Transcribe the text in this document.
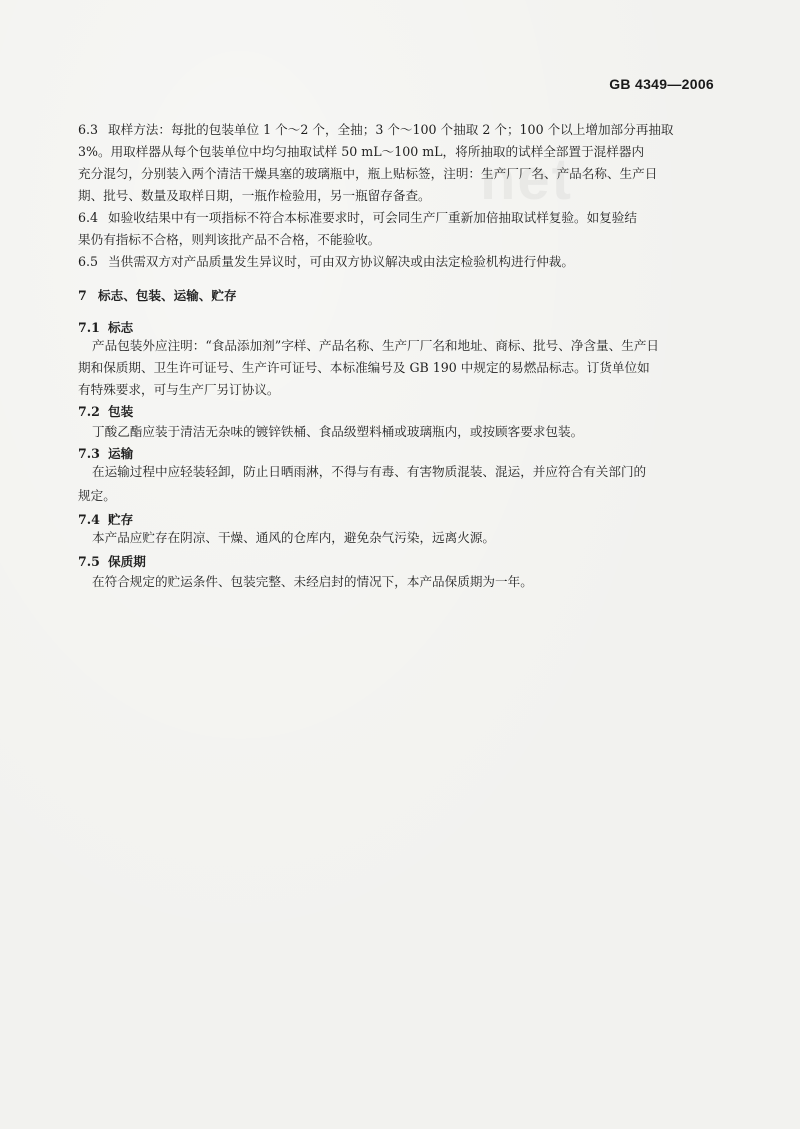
GB 4349—2006
6.3 取样方法：每批的包装单位 1 个～2 个，全抽；3 个～100 个抽取 2 个；100 个以上增加部分再抽取
3%。用取样器从每个包装单位中均匀抽取试样 50 mL～100 mL，将所抽取的试样全部置于混样器内
充分混匀，分别装入两个清洁干燥具塞的玻璃瓶中，瓶上贴标签，注明：生产厂厂名、产品名称、生产日
期、批号、数量及取样日期，一瓶作检验用，另一瓶留存备查。
6.4 如验收结果中有一项指标不符合本标准要求时，可会同生产厂重新加倍抽取试样复验。如复验结
果仍有指标不合格，则判该批产品不合格，不能验收。
6.5 当供需双方对产品质量发生异议时，可由双方协议解决或由法定检验机构进行仲裁。
7 标志、包装、运输、贮存
7.1 标志
产品包装外应注明：“食品添加剂”字样、产品名称、生产厂厂名和地址、商标、批号、净含量、生产日
期和保质期、卫生许可证号、生产许可证号、本标准编号及 GB 190 中规定的易燃品标志。订货单位如
有特殊要求，可与生产厂另订协议。
7.2 包装
丁酸乙酯应装于清洁无杂味的镀锌铁桶、食品级塑料桶或玻璃瓶内，或按顾客要求包装。
7.3 运输
在运输过程中应轻装轻卸，防止日晒雨淋，不得与有毒、有害物质混装、混运，并应符合有关部门的
规定。
7.4 贮存
本产品应贮存在阴凉、干燥、通风的仓库内，避免杂气污染，远离火源。
7.5 保质期
在符合规定的贮运条件、包装完整、未经启封的情况下，本产品保质期为一年。
